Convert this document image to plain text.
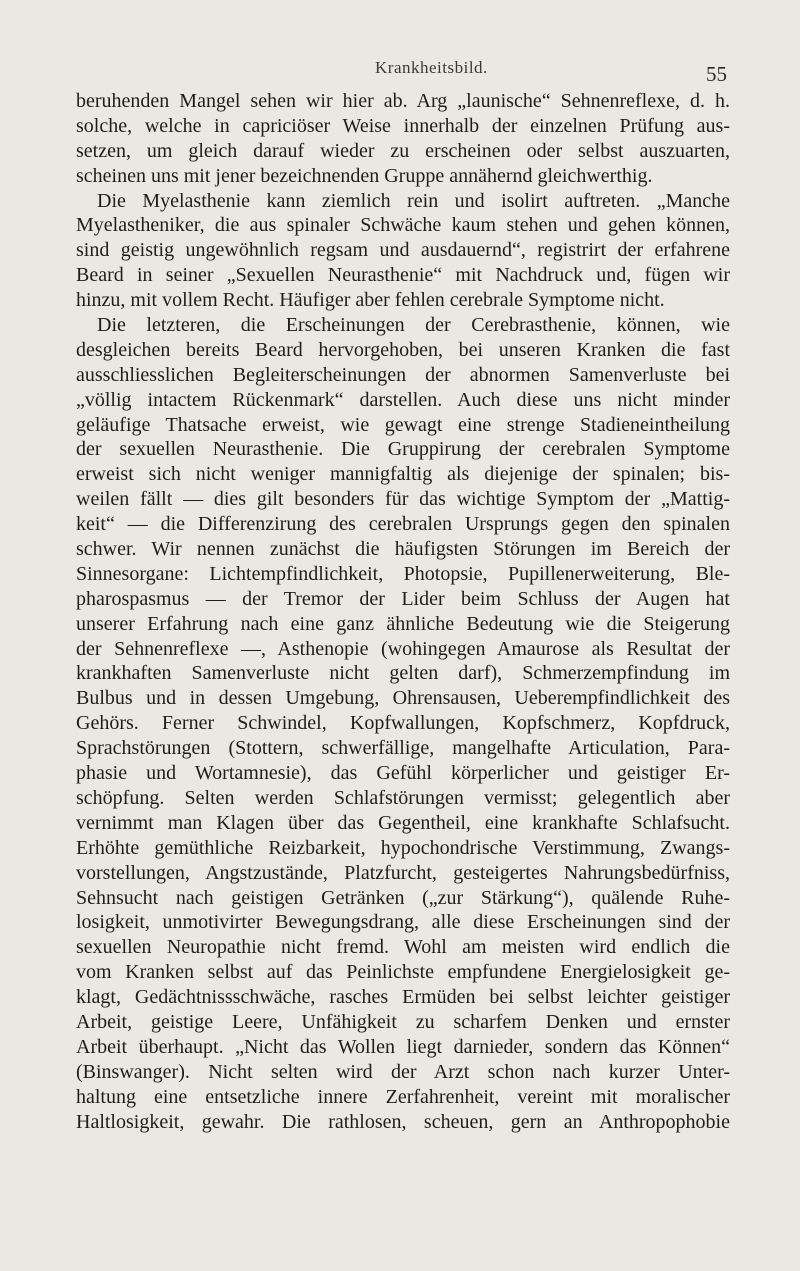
Krankheitsbild.	55
beruhenden Mangel sehen wir hier ab. Arg „launische“ Sehnenreflexe, d. h.
solche, welche in capriciöser Weise innerhalb der einzelnen Prüfung aus-
setzen, um gleich darauf wieder zu erscheinen oder selbst auszuarten,
scheinen uns mit jener bezeichnenden Gruppe annähernd gleichwerthig.
Die Myelasthenie kann ziemlich rein und isolirt auftreten. „Manche
Myelastheniker, die aus spinaler Schwäche kaum stehen und gehen können,
sind geistig ungewöhnlich regsam und ausdauernd“, registrirt der erfahrene
Beard in seiner „Sexuellen Neurasthenie“ mit Nachdruck und, fügen wir
hinzu, mit vollem Recht. Häufiger aber fehlen cerebrale Symptome nicht.
Die letzteren, die Erscheinungen der Cerebrasthenie, können, wie
desgleichen bereits Beard hervorgehoben, bei unseren Kranken die fast
ausschliesslichen Begleiterscheinungen der abnormen Samenverluste bei
„völlig intactem Rückenmark“ darstellen. Auch diese uns nicht minder
geläufige Thatsache erweist, wie gewagt eine strenge Stadieneintheilung
der sexuellen Neurasthenie. Die Gruppirung der cerebralen Symptome
erweist sich nicht weniger mannigfaltig als diejenige der spinalen; bis-
weilen fällt — dies gilt besonders für das wichtige Symptom der „Mattig-
keit“ — die Differenzirung des cerebralen Ursprungs gegen den spinalen
schwer. Wir nennen zunächst die häufigsten Störungen im Bereich der
Sinnesorgane: Lichtempfindlichkeit, Photopsie, Pupillenerweiterung, Ble-
pharospasmus — der Tremor der Lider beim Schluss der Augen hat
unserer Erfahrung nach eine ganz ähnliche Bedeutung wie die Steigerung
der Sehnenreflexe —, Asthenopie (wohingegen Amaurose als Resultat der
krankhaften Samenverluste nicht gelten darf), Schmerzempfindung im
Bulbus und in dessen Umgebung, Ohrensausen, Ueberempfindlichkeit des
Gehörs. Ferner Schwindel, Kopfwallungen, Kopfschmerz, Kopfdruck,
Sprachstörungen (Stottern, schwerfällige, mangelhafte Articulation, Para-
phasie und Wortamnesie), das Gefühl körperlicher und geistiger Er-
schöpfung. Selten werden Schlafstörungen vermisst; gelegentlich aber
vernimmt man Klagen über das Gegentheil, eine krankhafte Schlafsucht.
Erhöhte gemüthliche Reizbarkeit, hypochondrische Verstimmung, Zwangs-
vorstellungen, Angstzustände, Platzfurcht, gesteigertes Nahrungsbedürfniss,
Sehnsucht nach geistigen Getränken („zur Stärkung“), quälende Ruhe-
losigkeit, unmotivirter Bewegungsdrang, alle diese Erscheinungen sind der
sexuellen Neuropathie nicht fremd. Wohl am meisten wird endlich die
vom Kranken selbst auf das Peinlichste empfundene Energielosigkeit ge-
klagt, Gedächtnissschwäche, rasches Ermüden bei selbst leichter geistiger
Arbeit, geistige Leere, Unfähigkeit zu scharfem Denken und ernster
Arbeit überhaupt. „Nicht das Wollen liegt darnieder, sondern das Können“
(Binswanger). Nicht selten wird der Arzt schon nach kurzer Unter-
haltung eine entsetzliche innere Zerfahrenheit, vereint mit moralischer
Haltlosigkeit, gewahr. Die rathlosen, scheuen, gern an Anthropophobie
